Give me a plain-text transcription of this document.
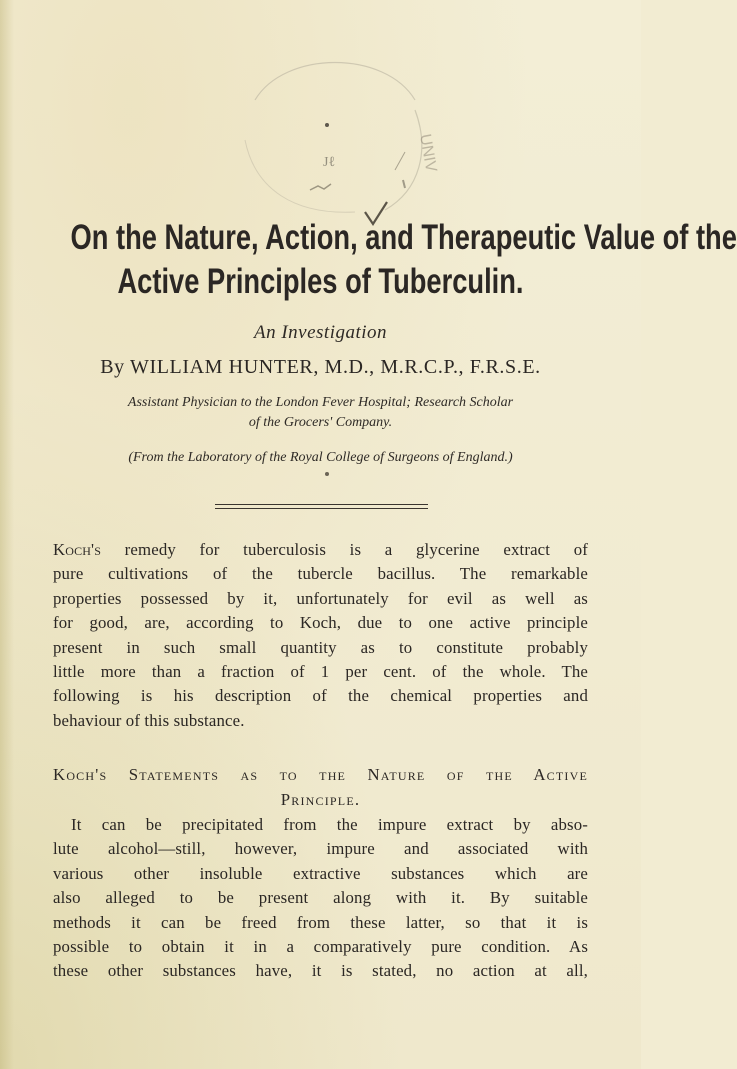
UNIV
Jℓ
On the Nature, Action, and Therapeutic Value of the
Active Principles of Tuberculin.
An Investigation
By WILLIAM HUNTER, M.D., M.R.C.P., F.R.S.E.
Assistant Physician to the London Fever Hospital; Research Scholar
of the Grocers' Company.
(From the Laboratory of the Royal College of Surgeons of England.)
Koch's remedy for tuberculosis is a glycerine extract of
pure cultivations of the tubercle bacillus. The remarkable
properties possessed by it, unfortunately for evil as well as
for good, are, according to Koch, due to one active principle
present in such small quantity as to constitute probably
little more than a fraction of 1 per cent. of the whole. The
following is his description of the chemical properties and
behaviour of this substance.
Koch's Statements as to the Nature of the Active
Principle.
It can be precipitated from the impure extract by abso-
lute alcohol—still, however, impure and associated with
various other insoluble extractive substances which are
also alleged to be present along with it. By suitable
methods it can be freed from these latter, so that it is
possible to obtain it in a comparatively pure condition. As
these other substances have, it is stated, no action at all,
